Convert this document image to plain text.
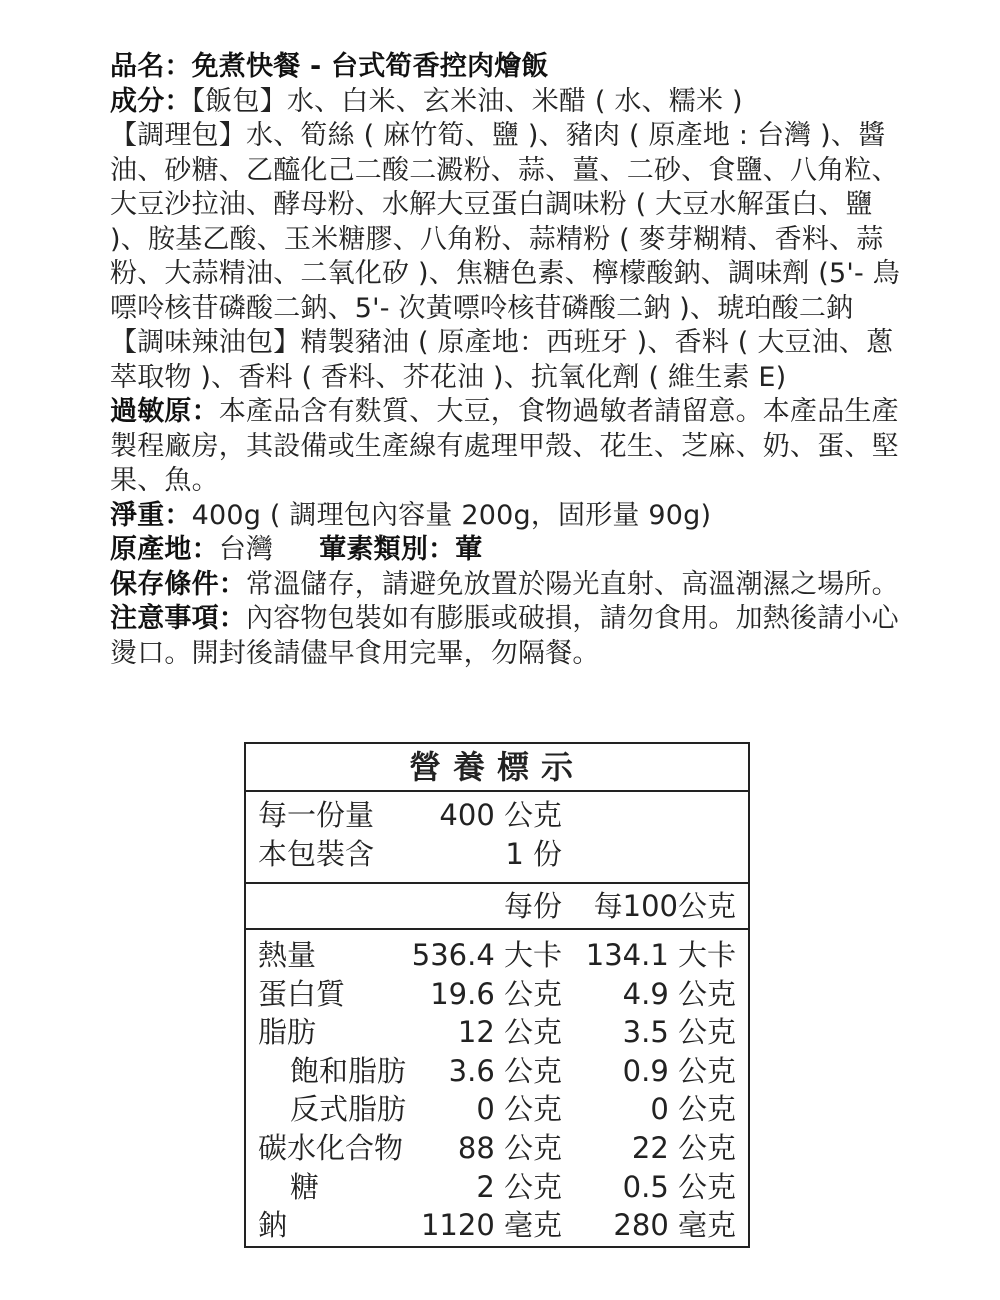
品名：免煮快餐 - 台式筍香控肉燴飯

成分：【飯包】水、白米、玄米油、米醋 ( 水、糯米 )
【調理包】水、筍絲 ( 麻竹筍、鹽 )、豬肉 ( 原產地 : 台灣 )、醬油、砂糖、乙醯化己二酸二澱粉、蒜、薑、二砂、食鹽、八角粒、大豆沙拉油、酵母粉、水解大豆蛋白調味粉 ( 大豆水解蛋白、鹽 )、胺基乙酸、玉米糖膠、八角粉、蒜精粉 ( 麥芽糊精、香料、蒜粉、大蒜精油、二氧化矽 )、焦糖色素、檸檬酸鈉、調味劑 (5'- 鳥嘌呤核苷磷酸二鈉、5'- 次黃嘌呤核苷磷酸二鈉 )、琥珀酸二鈉 【調味辣油包】精製豬油 ( 原產地：西班牙 )、香料 ( 大豆油、蔥萃取物 )、香料 ( 香料、芥花油 )、抗氧化劑 ( 維生素 E)

過敏原：本產品含有麩質、大豆，食物過敏者請留意。本產品生產製程廠房，其設備或生產線有處理甲殼、花生、芝麻、奶、蛋、堅果、魚。

淨重：400g ( 調理包內容量 200g，固形量 90g)

原產地：台灣 葷素類別：葷

保存條件：常溫儲存，請避免放置於陽光直射、高溫潮濕之場所。

注意事項：內容物包裝如有膨脹或破損，請勿食用。加熱後請小心燙口。開封後請儘早食用完畢，勿隔餐。

營養標示
每一份量 400 公克
本包裝含	1 份
每份 每100公克
熱量	536.4 大卡 134.1 大卡
蛋白質	19.6 公克 4.9 公克
脂肪	12 公克 3.5 公克
飽和脂肪 3.6 公克 0.9 公克
反式脂肪 0 公克	0 公克
碳水化合物 88 公克 22 公克
糖	2 公克 0.5 公克
鈉	1120 毫克 280 毫克
